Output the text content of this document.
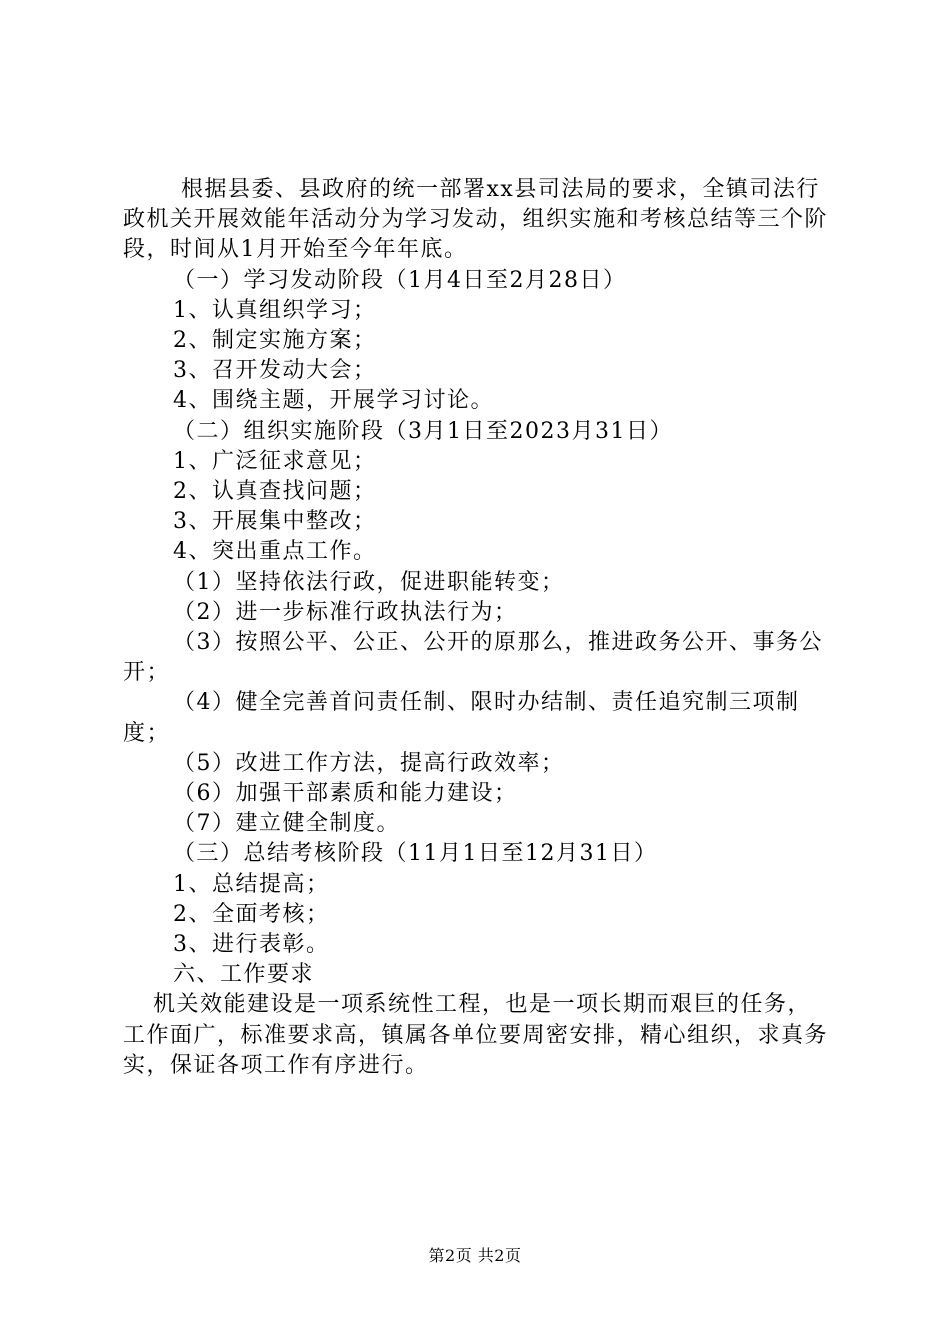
根据县委、县政府的统一部署xx县司法局的要求，全镇司法行政机关开展效能年活动分为学习发动，组织实施和考核总结等三个阶段，时间从1月开始至今年年底。

（一）学习发动阶段（1月4日至2月28日）

1、认真组织学习；

2、制定实施方案；

3、召开发动大会；

4、围绕主题，开展学习讨论。

（二）组织实施阶段（3月1日至2023月31日）

1、广泛征求意见；

2、认真查找问题；

3、开展集中整改；

4、突出重点工作。

（1）坚持依法行政，促进职能转变；

（2）进一步标准行政执法行为；

（3）按照公平、公正、公开的原那么，推进政务公开、事务公开；

（4）健全完善首问责任制、限时办结制、责任追究制三项制度；

（5）改进工作方法，提高行政效率；

（6）加强干部素质和能力建设；

（7）建立健全制度。

（三）总结考核阶段（11月1日至12月31日）

1、总结提高；

2、全面考核；

3、进行表彰。

六、工作要求

机关效能建设是一项系统性工程，也是一项长期而艰巨的任务，工作面广，标准要求高，镇属各单位要周密安排，精心组织，求真务实，保证各项工作有序进行。

第2页 共2页
